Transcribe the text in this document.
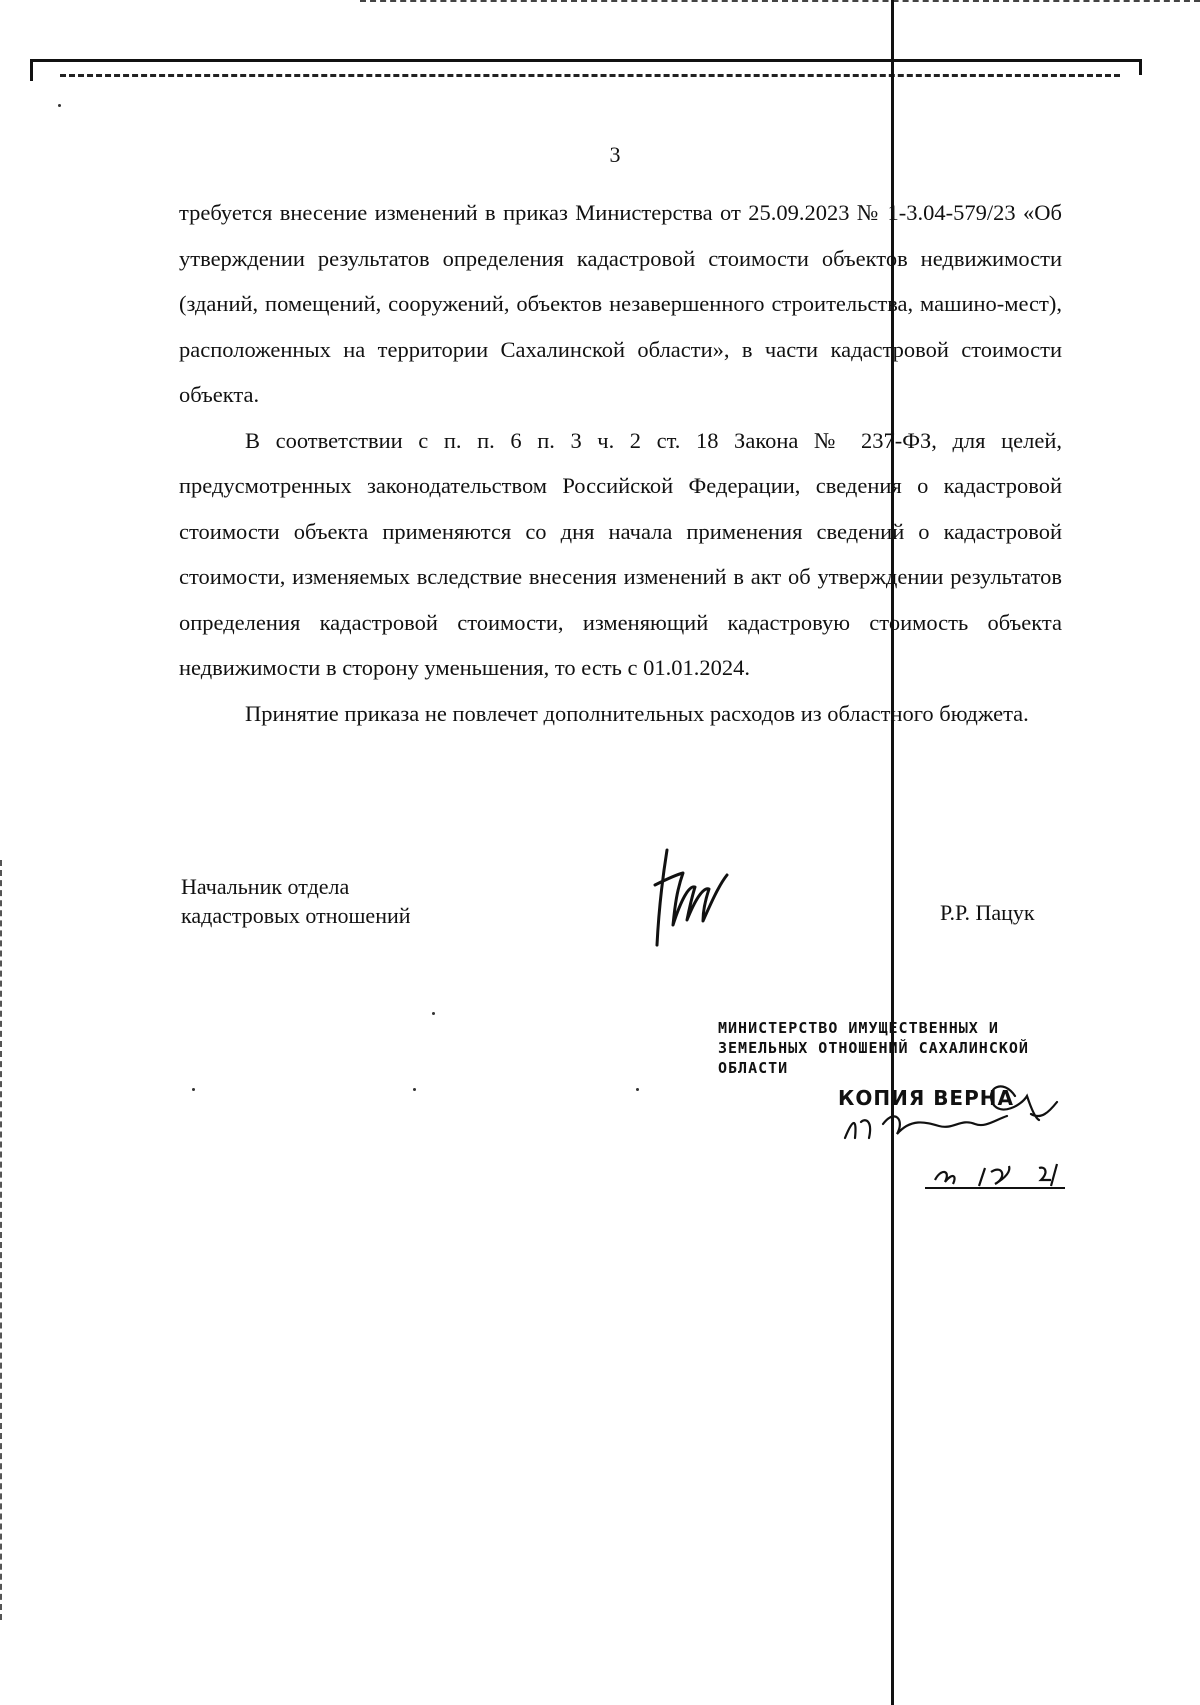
3

требуется внесение изменений в приказ Министерства от 25.09.2023 № 1-3.04-579/23 «Об утверждении результатов определения кадастровой стоимости объектов недвижимости (зданий, помещений, сооружений, объектов незавершенного строительства, машино-мест), расположенных на территории Сахалинской области», в части кадастровой стоимости объекта.

В соответствии с п. п. 6 п. 3 ч. 2 ст. 18 Закона № 237-ФЗ, для целей, предусмотренных законодательством Российской Федерации, сведения о кадастровой стоимости объекта применяются со дня начала применения сведений о кадастровой стоимости, изменяемых вследствие внесения изменений в акт об утверждении результатов определения кадастровой стоимости, изменяющий кадастровую стоимость объекта недвижимости в сторону уменьшения, то есть с 01.01.2024.

Принятие приказа не повлечет дополнительных расходов из областного бюджета.

Начальник отдела
кадастровых отношений	Р.Р. Пацук
МИНИСТЕРСТВО ИМУЩЕСТВЕННЫХ И
ЗЕМЕЛЬНЫХ ОТНОШЕНИЙ САХАЛИНСКОЙ
ОБЛАСТИ
КОПИЯ ВЕРНА
